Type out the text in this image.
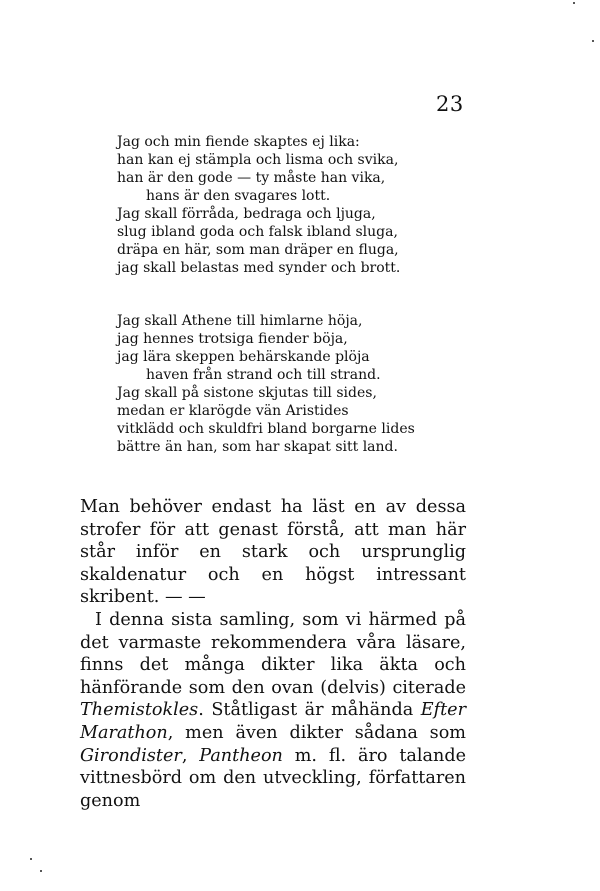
23
Jag och min fiende skaptes ej lika:
han kan ej stämpla och lisma och svika,
han är den gode — ty måste han vika,
hans är den svagares lott.
Jag skall förråda, bedraga och ljuga,
slug ibland goda och falsk ibland sluga,
dräpa en här, som man dräper en fluga,
jag skall belastas med synder och brott.
Jag skall Athene till himlarne höja,
jag hennes trotsiga fiender böja,
jag lära skeppen behärskande plöja
haven från strand och till strand.
Jag skall på sistone skjutas till sides,
medan er klarögde vän Aristides
vitklädd och skuldfri bland borgarne lides
bättre än han, som har skapat sitt land.

Man behöver endast ha läst en av dessa strofer för att genast förstå, att man här står inför en stark och ursprunglig skaldenatur och en högst intressant skribent. — —

I denna sista samling, som vi härmed på det varmaste rekommendera våra läsare, finns det många dikter lika äkta och hänförande som den ovan (delvis) citerade Themistokles. Ståtligast är måhända Efter Marathon, men även dikter sådana som Girondister, Pantheon m. fl. äro talande vittnesbörd om den utveckling, författaren genom
